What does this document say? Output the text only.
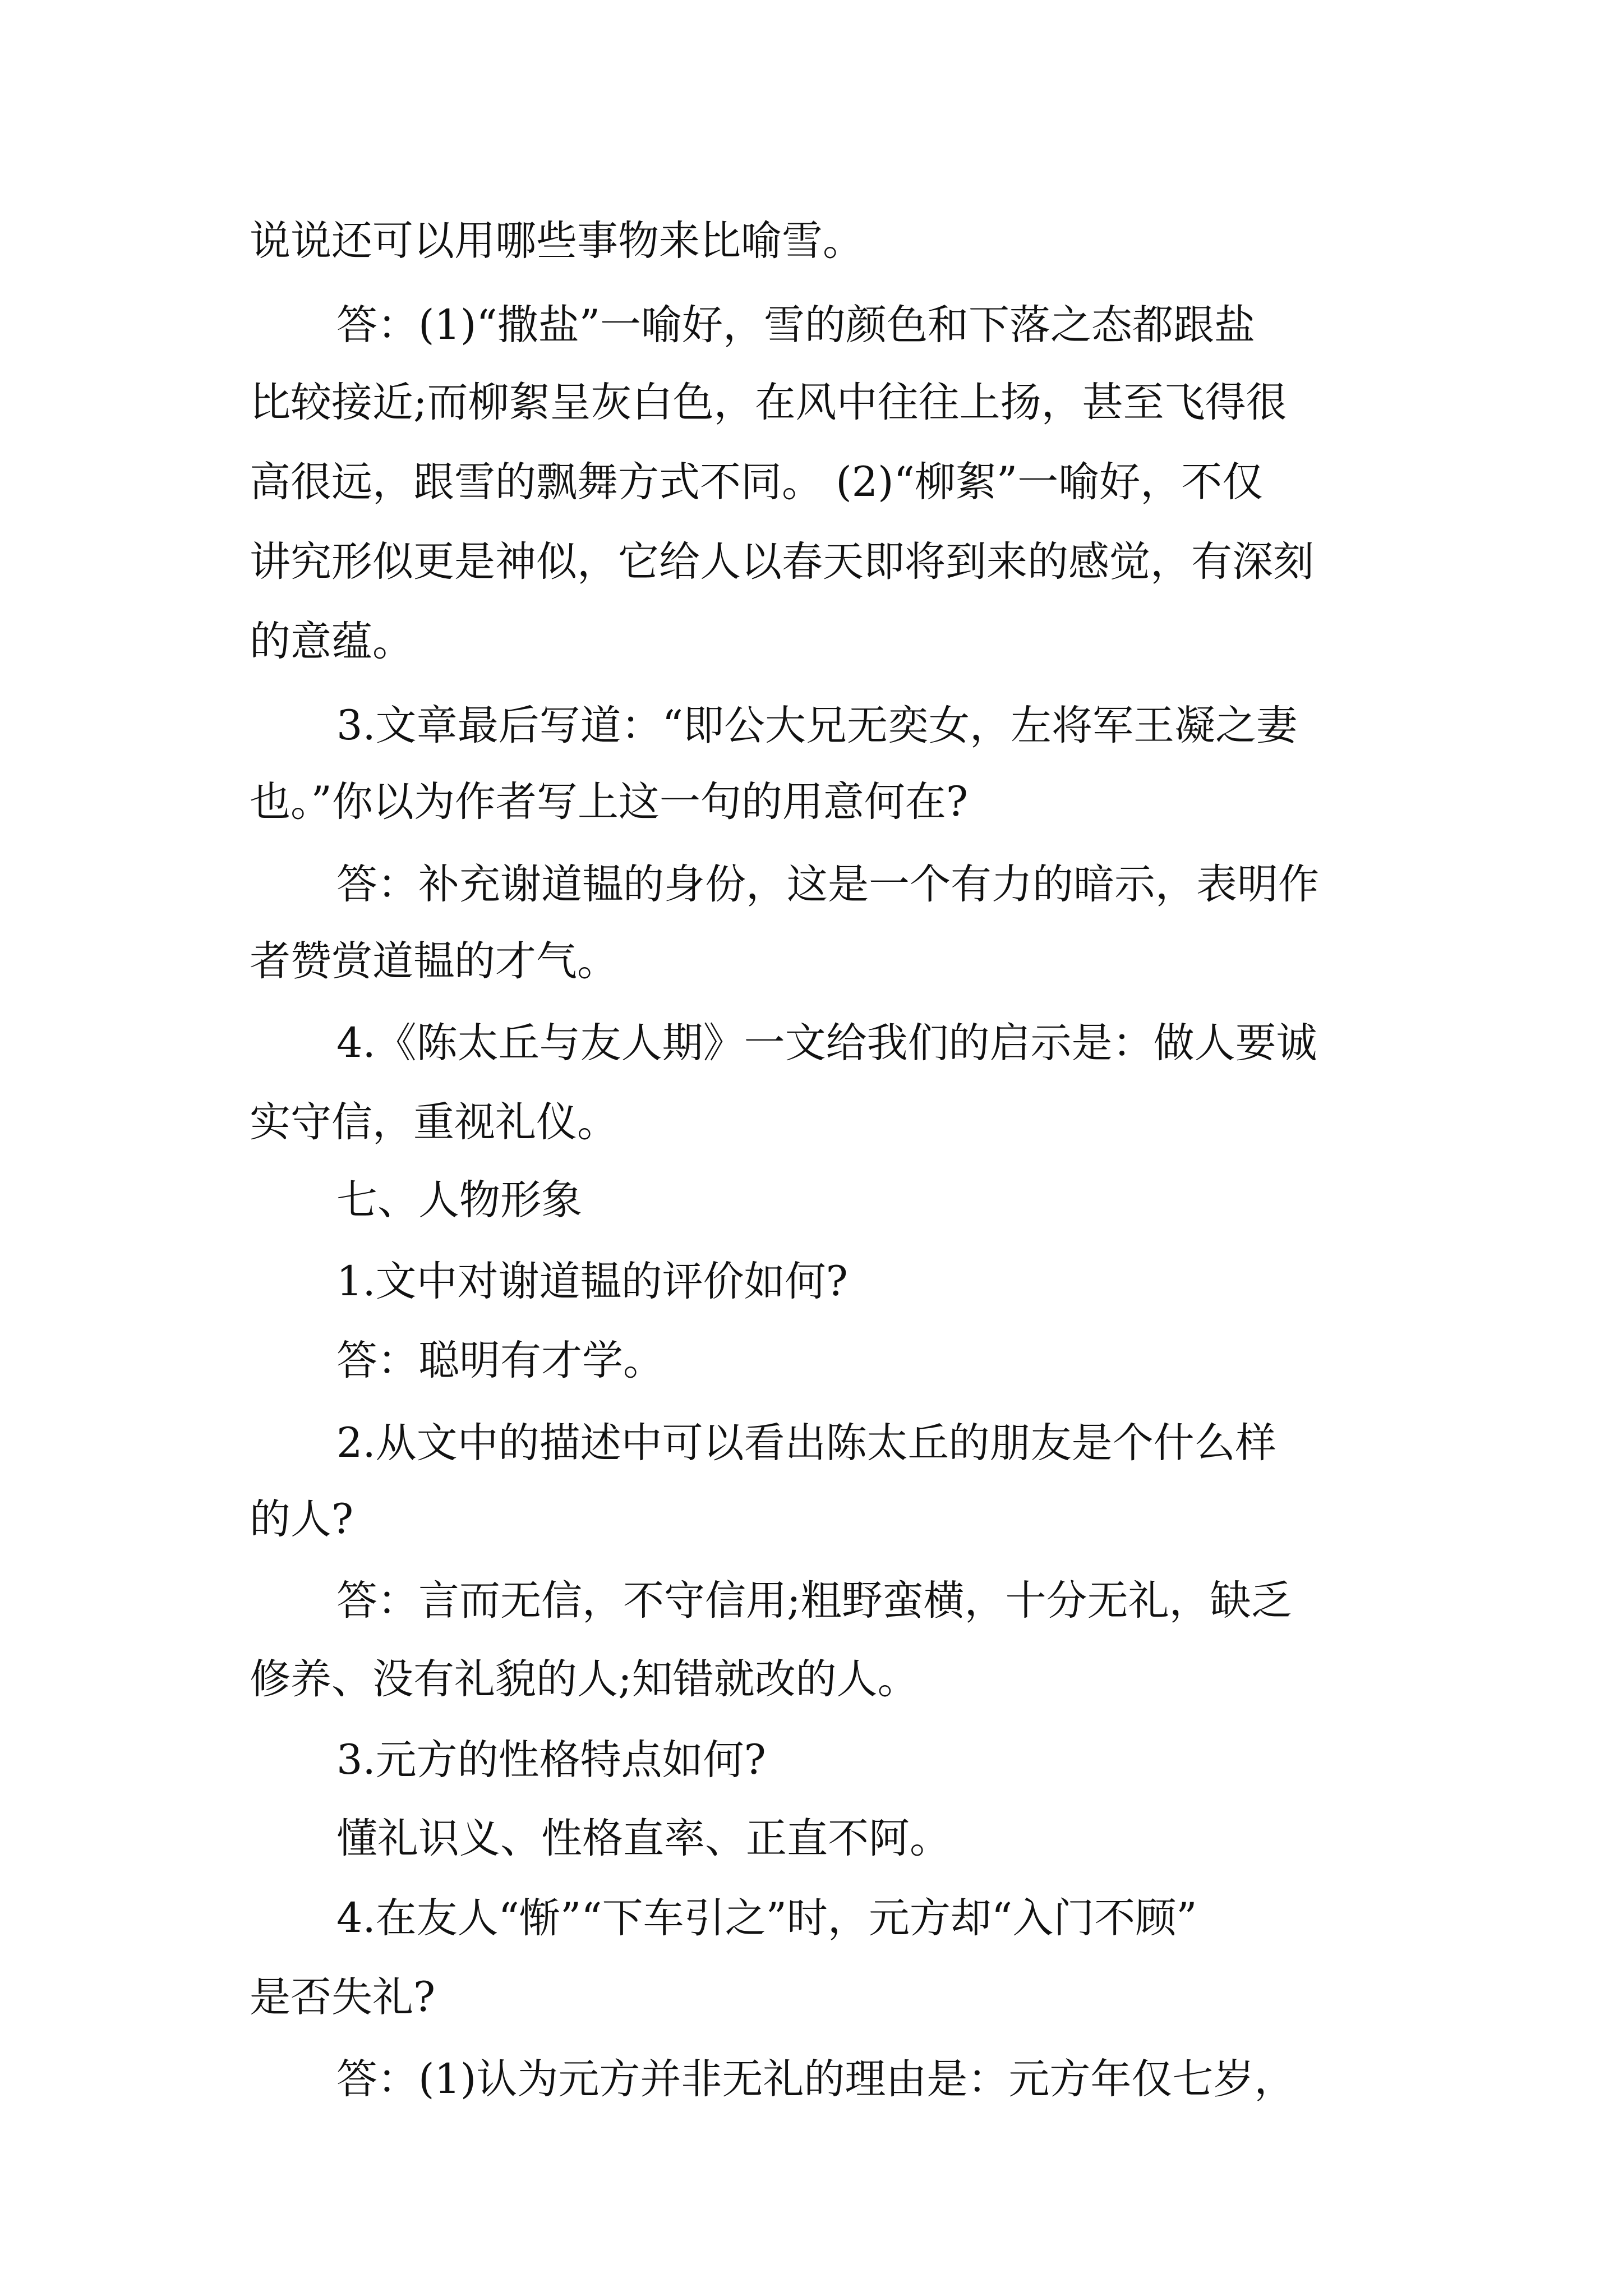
说说还可以用哪些事物来比喻雪。
答：(1)“撒盐”一喻好，雪的颜色和下落之态都跟盐
比较接近;而柳絮呈灰白色，在风中往往上扬，甚至飞得很
高很远，跟雪的飘舞方式不同。 (2)“柳絮”一喻好，不仅
讲究形似更是神似，它给人以春天即将到来的感觉，有深刻
的意蕴。
3.文章最后写道：“即公大兄无奕女，左将军王凝之妻
也。”你以为作者写上这一句的用意何在?
答：补充谢道韫的身份，这是一个有力的暗示，表明作
者赞赏道韫的才气。
4.《陈太丘与友人期》一文给我们的启示是：做人要诚
实守信，重视礼仪。
七、人物形象
1.文中对谢道韫的评价如何?
答：聪明有才学。
2.从文中的描述中可以看出陈太丘的朋友是个什么样
的人?
答：言而无信，不守信用;粗野蛮横，十分无礼，缺乏
修养、没有礼貌的人;知错就改的人。
3.元方的性格特点如何?
懂礼识义、性格直率、正直不阿。
4.在友人“惭”“下车引之”时，元方却“入门不顾”
是否失礼?
答：(1)认为元方并非无礼的理由是：元方年仅七岁，
